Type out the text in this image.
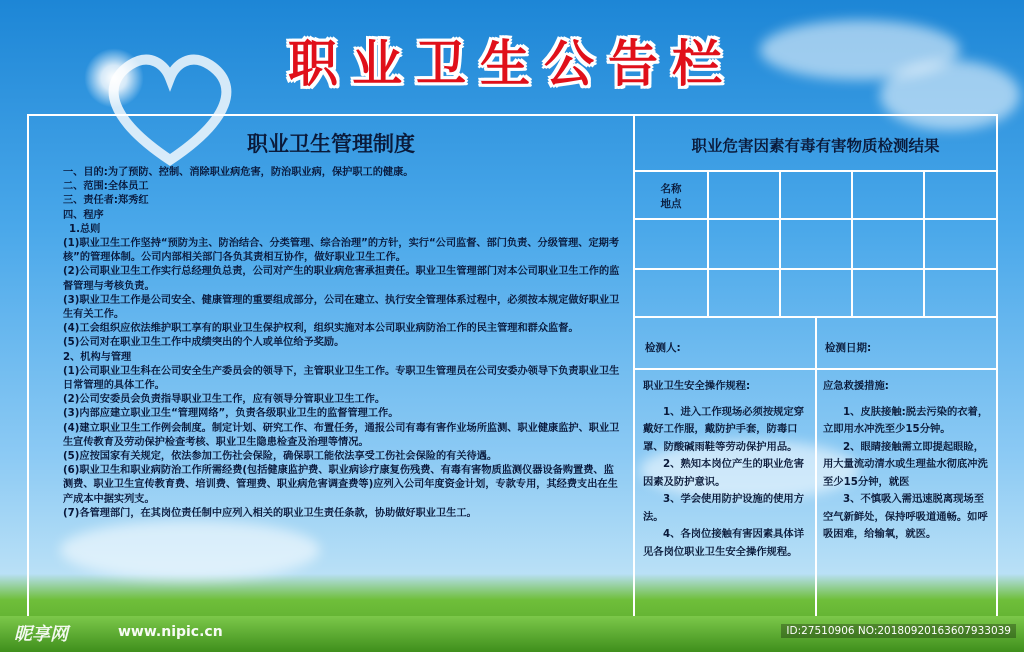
职业卫生公告栏
职业卫生管理制度

一、目的:为了预防、控制、消除职业病危害，防治职业病，保护职工的健康。

二、范围:全体员工

三、责任者:郑秀红

四、程序

1.总则

(1)职业卫生工作坚持“预防为主、防治结合、分类管理、综合治理”的方针，实行“公司监督、部门负责、分级管理、定期考核”的管理体制。公司内部相关部门各负其责相互协作，做好职业卫生工作。

(2)公司职业卫生工作实行总经理负总责，公司对产生的职业病危害承担责任。职业卫生管理部门对本公司职业卫生工作的监督管理与考核负责。

(3)职业卫生工作是公司安全、健康管理的重要组成部分，公司在建立、执行安全管理体系过程中，必须按本规定做好职业卫生有关工作。

(4)工会组织应依法维护职工享有的职业卫生保护权利，组织实施对本公司职业病防治工作的民主管理和群众监督。

(5)公司对在职业卫生工作中成绩突出的个人或单位给予奖励。

2、机构与管理

(1)公司职业卫生科在公司安全生产委员会的领导下，主管职业卫生工作。专职卫生管理员在公司安委办领导下负责职业卫生日常管理的具体工作。

(2)公司安委员会负责指导职业卫生工作，应有领导分管职业卫生工作。

(3)内部应建立职业卫生“管理网络”，负责各级职业卫生的监督管理工作。

(4)建立职业卫生工作例会制度。制定计划、研究工作、布置任务，通报公司有毒有害作业场所监测、职业健康监护、职业卫生宣传教育及劳动保护检查考核、职业卫生隐患检查及治理等情况。

(5)应按国家有关规定，依法参加工伤社会保险，确保职工能依法享受工伤社会保险的有关待遇。

(6)职业卫生和职业病防治工作所需经费(包括健康监护费、职业病诊疗康复伤残费、有毒有害物质监测仪器设备购置费、监测费、职业卫生宣传教育费、培训费、管理费、职业病危害调查费等)应列入公司年度资金计划，专款专用，其经费支出在生产成本中据实列支。

(7)各管理部门，在其岗位责任制中应列入相关的职业卫生责任条款，协助做好职业卫生工。

职业危害因素有毒有害物质检测结果
名称
地点
检测人:	检测日期:

职业卫生安全操作规程:

1、进入工作现场必须按规定穿戴好工作服，戴防护手套，防毒口罩、防酸碱雨鞋等劳动保护用品。

2、熟知本岗位产生的职业危害因素及防护意识。

3、学会使用防护设施的使用方法。

4、各岗位接触有害因素具体详见各岗位职业卫生安全操作规程。

应急救援措施:

1、皮肤接触:脱去污染的衣着，立即用水冲洗至少15分钟。

2、眼睛接触需立即提起眼睑，用大量流动清水或生理盐水彻底冲洗至少15分钟，就医

3、不慎吸入需迅速脱离现场至空气新鲜处，保持呼吸道通畅。如呼吸困难，给输氧，就医。

昵享网	www.nipic.cn	ID:27510906 NO:20180920163607933039
